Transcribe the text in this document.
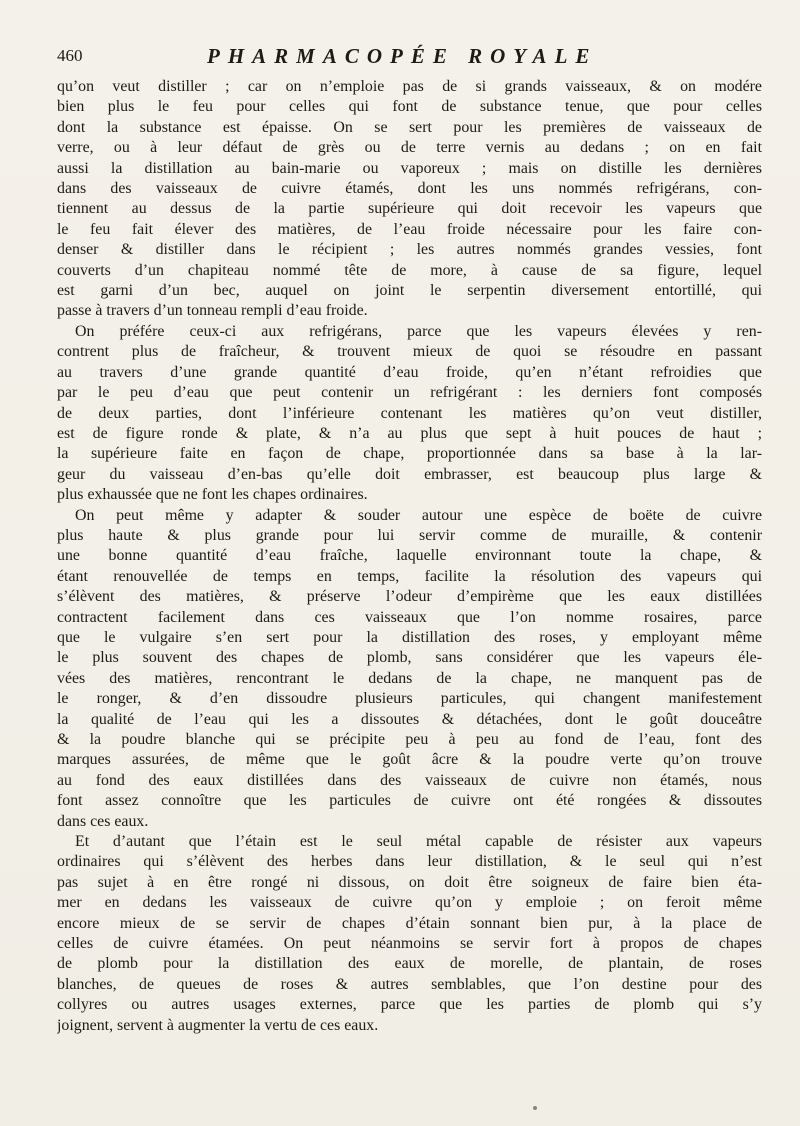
460	PHARMACOPÉE ROYALE
qu’on veut distiller ; car on n’emploie pas de si grands vaisseaux, & on modére
bien plus le feu pour celles qui font de substance tenue, que pour celles
dont la substance est épaisse. On se sert pour les premières de vaisseaux de
verre, ou à leur défaut de grès ou de terre vernis au dedans ; on en fait
aussi la distillation au bain-marie ou vaporeux ; mais on distille les dernières
dans des vaisseaux de cuivre étamés, dont les uns nommés refrigérans, con-
tiennent au dessus de la partie supérieure qui doit recevoir les vapeurs que
le feu fait élever des matières, de l’eau froide nécessaire pour les faire con-
denser & distiller dans le récipient ; les autres nommés grandes vessies, font
couverts d’un chapiteau nommé tête de more, à cause de sa figure, lequel
est garni d’un bec, auquel on joint le serpentin diversement entortillé, qui
passe à travers d’un tonneau rempli d’eau froide.
On préfére ceux-ci aux refrigérans, parce que les vapeurs élevées y ren-
contrent plus de fraîcheur, & trouvent mieux de quoi se résoudre en passant
au travers d’une grande quantité d’eau froide, qu’en n’étant refroidies que
par le peu d’eau que peut contenir un refrigérant : les derniers font composés
de deux parties, dont l’inférieure contenant les matières qu’on veut distiller,
est de figure ronde & plate, & n’a au plus que sept à huit pouces de haut ;
la supérieure faite en façon de chape, proportionnée dans sa base à la lar-
geur du vaisseau d’en-bas qu’elle doit embrasser, est beaucoup plus large &
plus exhaussée que ne font les chapes ordinaires.
On peut même y adapter & souder autour une espèce de boëte de cuivre
plus haute & plus grande pour lui servir comme de muraille, & contenir
une bonne quantité d’eau fraîche, laquelle environnant toute la chape, &
étant renouvellée de temps en temps, facilite la résolution des vapeurs qui
s’élèvent des matières, & préserve l’odeur d’empirème que les eaux distillées
contractent facilement dans ces vaisseaux que l’on nomme rosaires, parce
que le vulgaire s’en sert pour la distillation des roses, y employant même
le plus souvent des chapes de plomb, sans considérer que les vapeurs éle-
vées des matières, rencontrant le dedans de la chape, ne manquent pas de
le ronger, & d’en dissoudre plusieurs particules, qui changent manifestement
la qualité de l’eau qui les a dissoutes & détachées, dont le goût douceâtre
& la poudre blanche qui se précipite peu à peu au fond de l’eau, font des
marques assurées, de même que le goût âcre & la poudre verte qu’on trouve
au fond des eaux distillées dans des vaisseaux de cuivre non étamés, nous
font assez connoître que les particules de cuivre ont été rongées & dissoutes
dans ces eaux.
Et d’autant que l’étain est le seul métal capable de résister aux vapeurs
ordinaires qui s’élèvent des herbes dans leur distillation, & le seul qui n’est
pas sujet à en être rongé ni dissous, on doit être soigneux de faire bien éta-
mer en dedans les vaisseaux de cuivre qu’on y emploie ; on feroit même
encore mieux de se servir de chapes d’étain sonnant bien pur, à la place de
celles de cuivre étamées. On peut néanmoins se servir fort à propos de chapes
de plomb pour la distillation des eaux de morelle, de plantain, de roses
blanches, de queues de roses & autres semblables, que l’on destine pour des
collyres ou autres usages externes, parce que les parties de plomb qui s’y
joignent, servent à augmenter la vertu de ces eaux.
